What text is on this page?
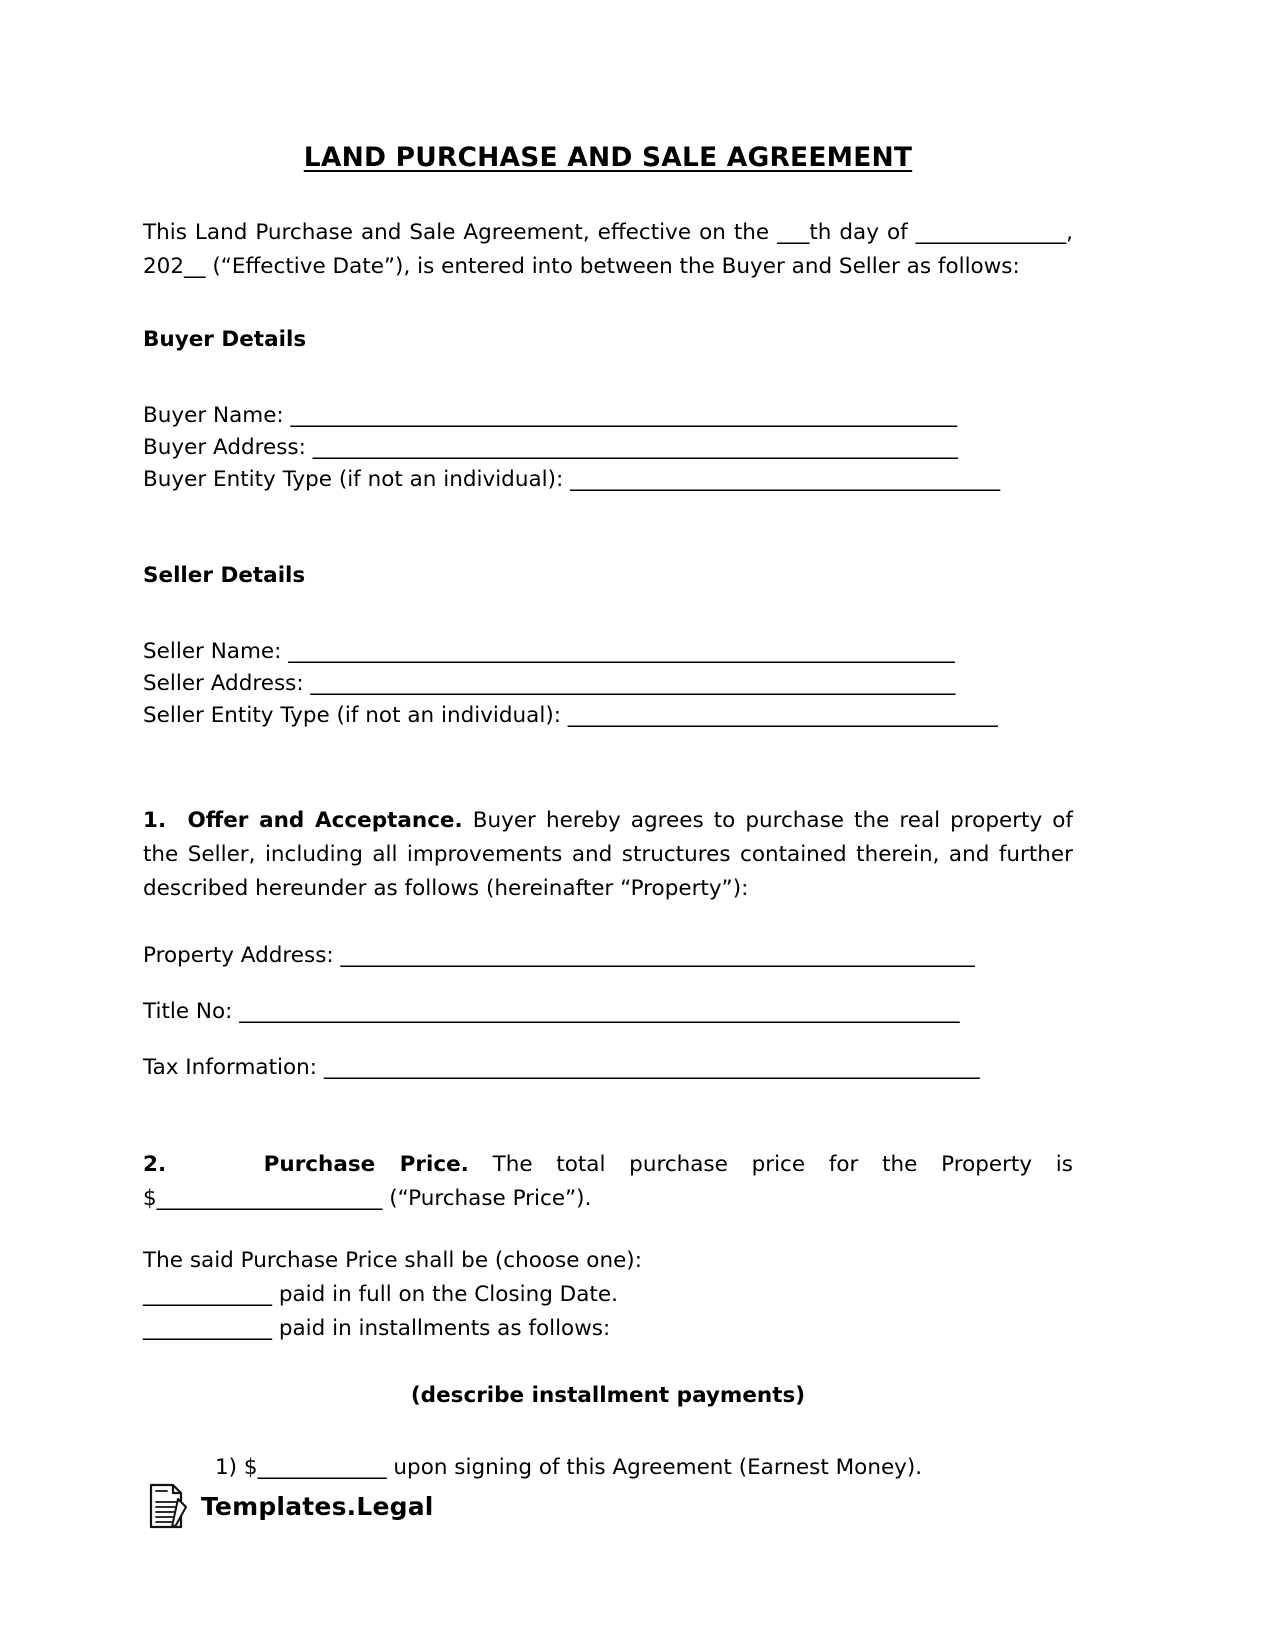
LAND PURCHASE AND SALE AGREEMENT

This Land Purchase and Sale Agreement, effective on the ___th day of ______________, 202__ (“Effective Date”), is entered into between the Buyer and Seller as follows:

Buyer Details

Buyer Name: ______________________________________________________________

Buyer Address: ____________________________________________________________

Buyer Entity Type (if not an individual): ________________________________________

Seller Details

Seller Name: ______________________________________________________________

Seller Address: ____________________________________________________________

Seller Entity Type (if not an individual): ________________________________________

1. Offer and Acceptance. Buyer hereby agrees to purchase the real property of the Seller, including all improvements and structures contained therein, and further described hereunder as follows (hereinafter “Property”):

Property Address: ___________________________________________________________

Title No: ___________________________________________________________________

Tax Information: _____________________________________________________________

2.	Purchase Price. The total purchase price for the Property is $_____________________ (“Purchase Price”).

The said Purchase Price shall be (choose one):

____________ paid in full on the Closing Date.

____________ paid in installments as follows:

(describe installment payments)

1) $____________ upon signing of this Agreement (Earnest Money).

Templates.Legal
